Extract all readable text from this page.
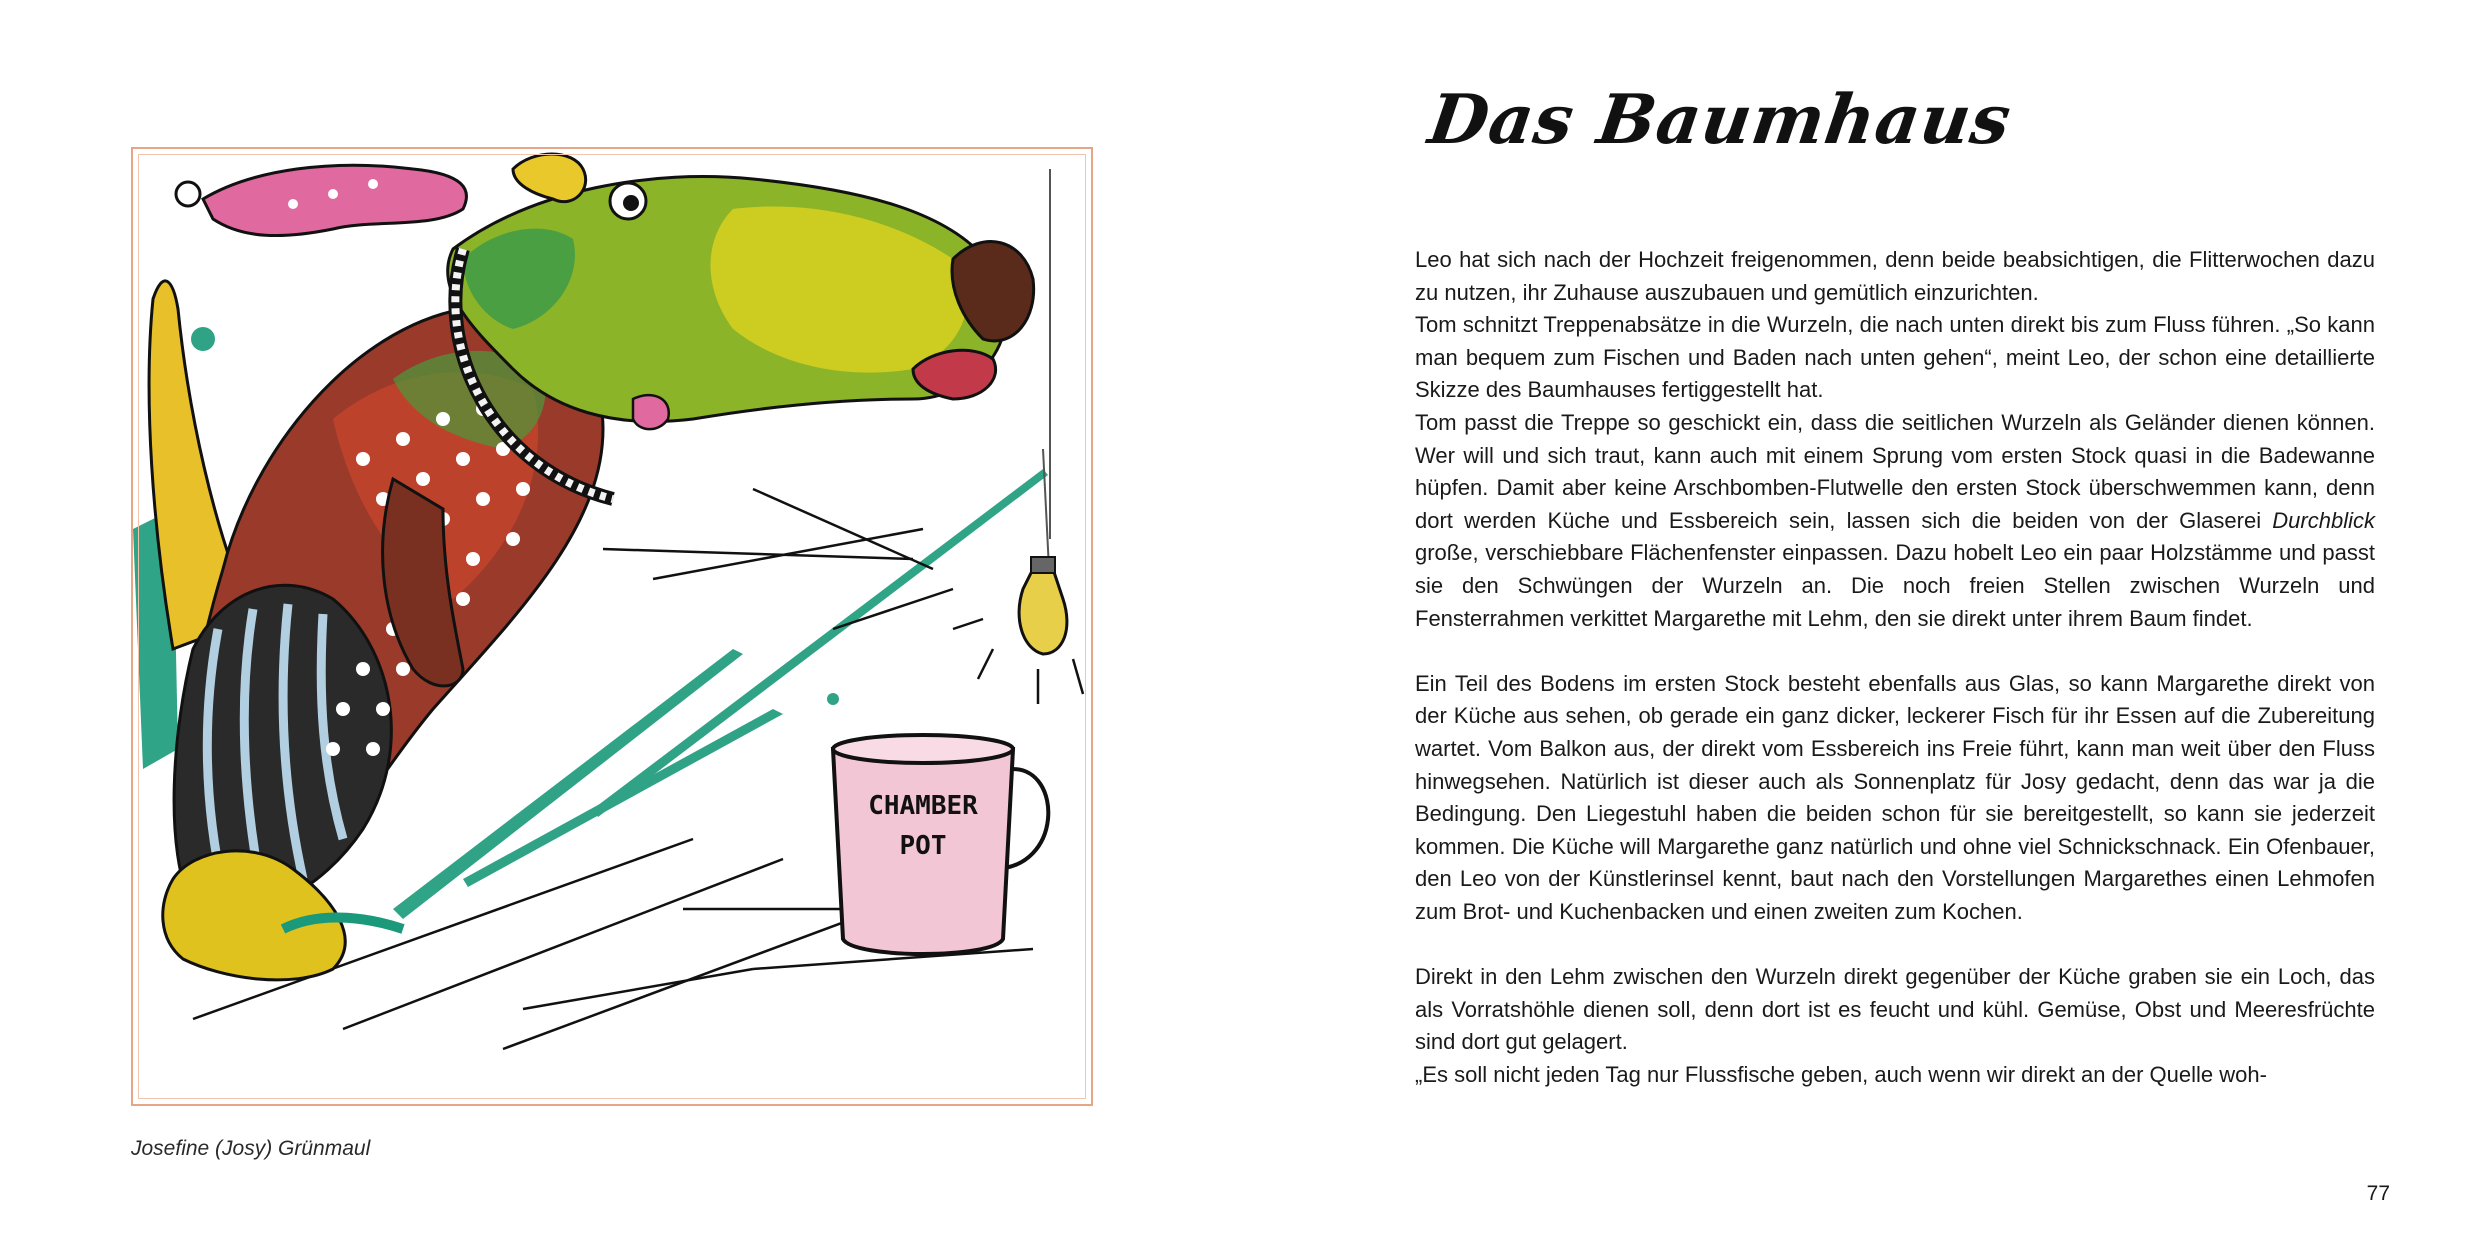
CHAMBER
POT
Josefine (Josy) Grünmaul
Das Baumhaus

Leo hat sich nach der Hochzeit freigenommen, denn beide beabsichtigen, die Flitterwochen dazu zu nutzen, ihr Zuhause auszubauen und gemütlich einzurichten.

Tom schnitzt Treppenabsätze in die Wurzeln, die nach unten direkt bis zum Fluss führen. „So kann man bequem zum Fischen und Baden nach unten gehen“, meint Leo, der schon eine detaillierte Skizze des Baumhauses fertiggestellt hat.

Tom passt die Treppe so geschickt ein, dass die seitlichen Wurzeln als Geländer dienen können. Wer will und sich traut, kann auch mit einem Sprung vom ersten Stock quasi in die Badewanne hüpfen. Damit aber keine Arschbomben-Flutwelle den ersten Stock überschwemmen kann, denn dort werden Küche und Essbereich sein, lassen sich die beiden von der Glaserei Durchblick große, verschiebbare Flächenfenster einpassen. Dazu hobelt Leo ein paar Holzstämme und passt sie den Schwüngen der Wurzeln an. Die noch freien Stellen zwischen Wurzeln und Fensterrahmen verkittet Margarethe mit Lehm, den sie direkt unter ihrem Baum findet.

Ein Teil des Bodens im ersten Stock besteht ebenfalls aus Glas, so kann Margarethe direkt von der Küche aus sehen, ob gerade ein ganz dicker, leckerer Fisch für ihr Essen auf die Zubereitung wartet. Vom Balkon aus, der direkt vom Essbereich ins Freie führt, kann man weit über den Fluss hinwegsehen. Natürlich ist dieser auch als Sonnenplatz für Josy gedacht, denn das war ja die Bedingung. Den Liegestuhl haben die beiden schon für sie bereitgestellt, so kann sie jederzeit kommen. Die Küche will Margarethe ganz natürlich und ohne viel Schnickschnack. Ein Ofenbauer, den Leo von der Künstlerinsel kennt, baut nach den Vorstellungen Margarethes einen Lehmofen zum Brot- und Kuchenbacken und einen zweiten zum Kochen.

Direkt in den Lehm zwischen den Wurzeln direkt gegenüber der Küche graben sie ein Loch, das als Vorratshöhle dienen soll, denn dort ist es feucht und kühl. Gemüse, Obst und Meeresfrüchte sind dort gut gelagert.

„Es soll nicht jeden Tag nur Flussfische geben, auch wenn wir direkt an der Quelle woh-

77
